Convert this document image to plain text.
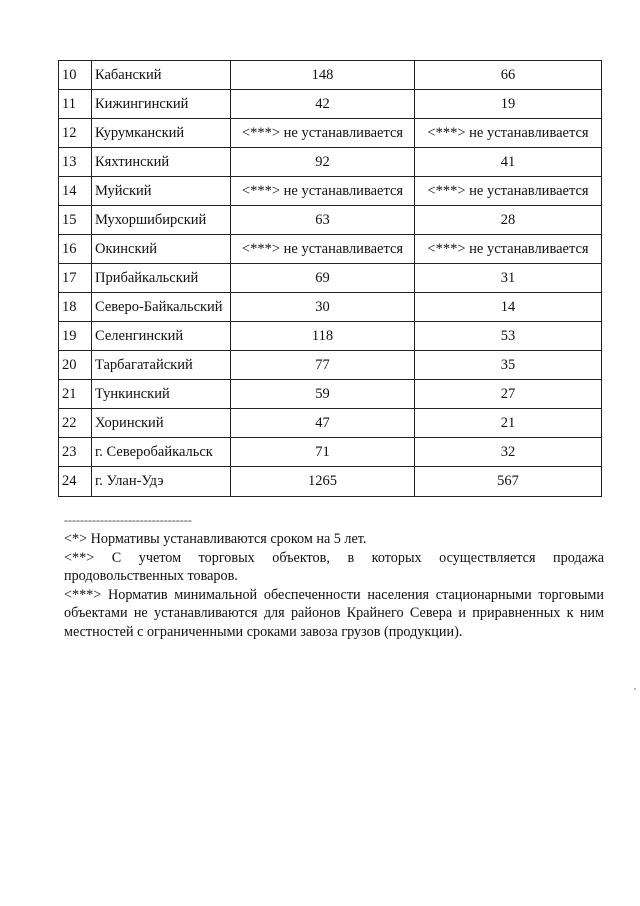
10	Кабанский	148	66
11	Кижингинский	42	19
12	Курумканский	<***> не устанавливается	<***> не устанавливается
13	Кяхтинский	92	41
14	Муйский	<***> не устанавливается	<***> не устанавливается
15	Мухоршибирский	63	28
16	Окинский	<***> не устанавливается	<***> не устанавливается
17	Прибайкальский	69	31
18	Северо-Байкальский	30	14
19	Селенгинский	118	53
20	Тарбагатайский	77	35
21	Тункинский	59	27
22	Хоринский	47	21
23	г. Северобайкальск	71	32
24	г. Улан-Удэ	1265	567
--------------------------------

<*> Нормативы устанавливаются сроком на 5 лет.

<**> С учетом торговых объектов, в которых осуществляется продажа продовольственных товаров.

<***> Норматив минимальной обеспеченности населения стационарными торговыми объектами не устанавливаются для районов Крайнего Севера и приравненных к ним местностей с ограниченными сроками завоза грузов (продукции).
